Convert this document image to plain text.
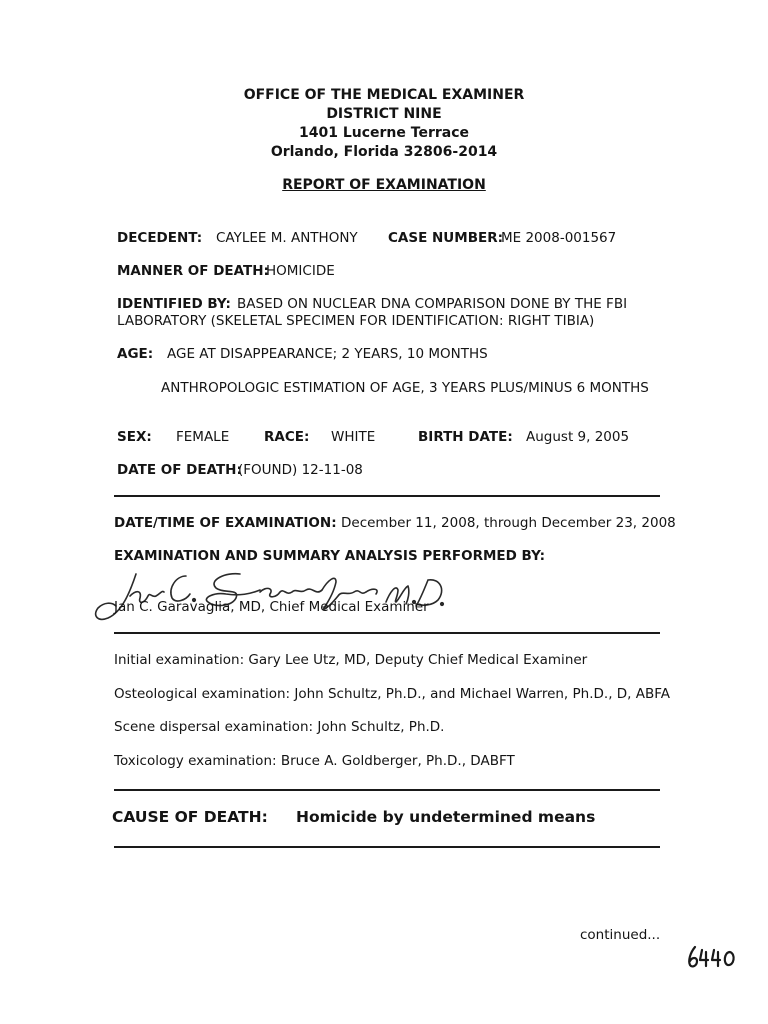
OFFICE OF THE MEDICAL EXAMINER
DISTRICT NINE
1401 Lucerne Terrace
Orlando, Florida 32806-2014
REPORT OF EXAMINATION
DECEDENT: CAYLEE M. ANTHONY CASE NUMBER:
ME 2008-001567
MANNER OF DEATH:
HOMICIDE
IDENTIFIED BY: BASED ON NUCLEAR DNA COMPARISON DONE BY THE FBI
LABORATORY (SKELETAL SPECIMEN FOR IDENTIFICATION: RIGHT TIBIA)
AGE: AGE AT DISAPPEARANCE; 2 YEARS, 10 MONTHS
ANTHROPOLOGIC ESTIMATION OF AGE, 3 YEARS PLUS/MINUS 6 MONTHS
SEX: FEMALE	RACE: WHITE	BIRTH DATE: August 9, 2005
DATE OF DEATH:
(FOUND) 12-11-08
DATE/TIME OF EXAMINATION: December 11, 2008, through December 23, 2008
EXAMINATION AND SUMMARY ANALYSIS PERFORMED BY:
Jan C. Garavaglia, MD, Chief Medical Examiner
Initial examination: Gary Lee Utz, MD, Deputy Chief Medical Examiner
Osteological examination: John Schultz, Ph.D., and Michael Warren, Ph.D., D, ABFA
Scene dispersal examination: John Schultz, Ph.D.
Toxicology examination: Bruce A. Goldberger, Ph.D., DABFT
CAUSE OF DEATH: Homicide by undetermined means
continued...
